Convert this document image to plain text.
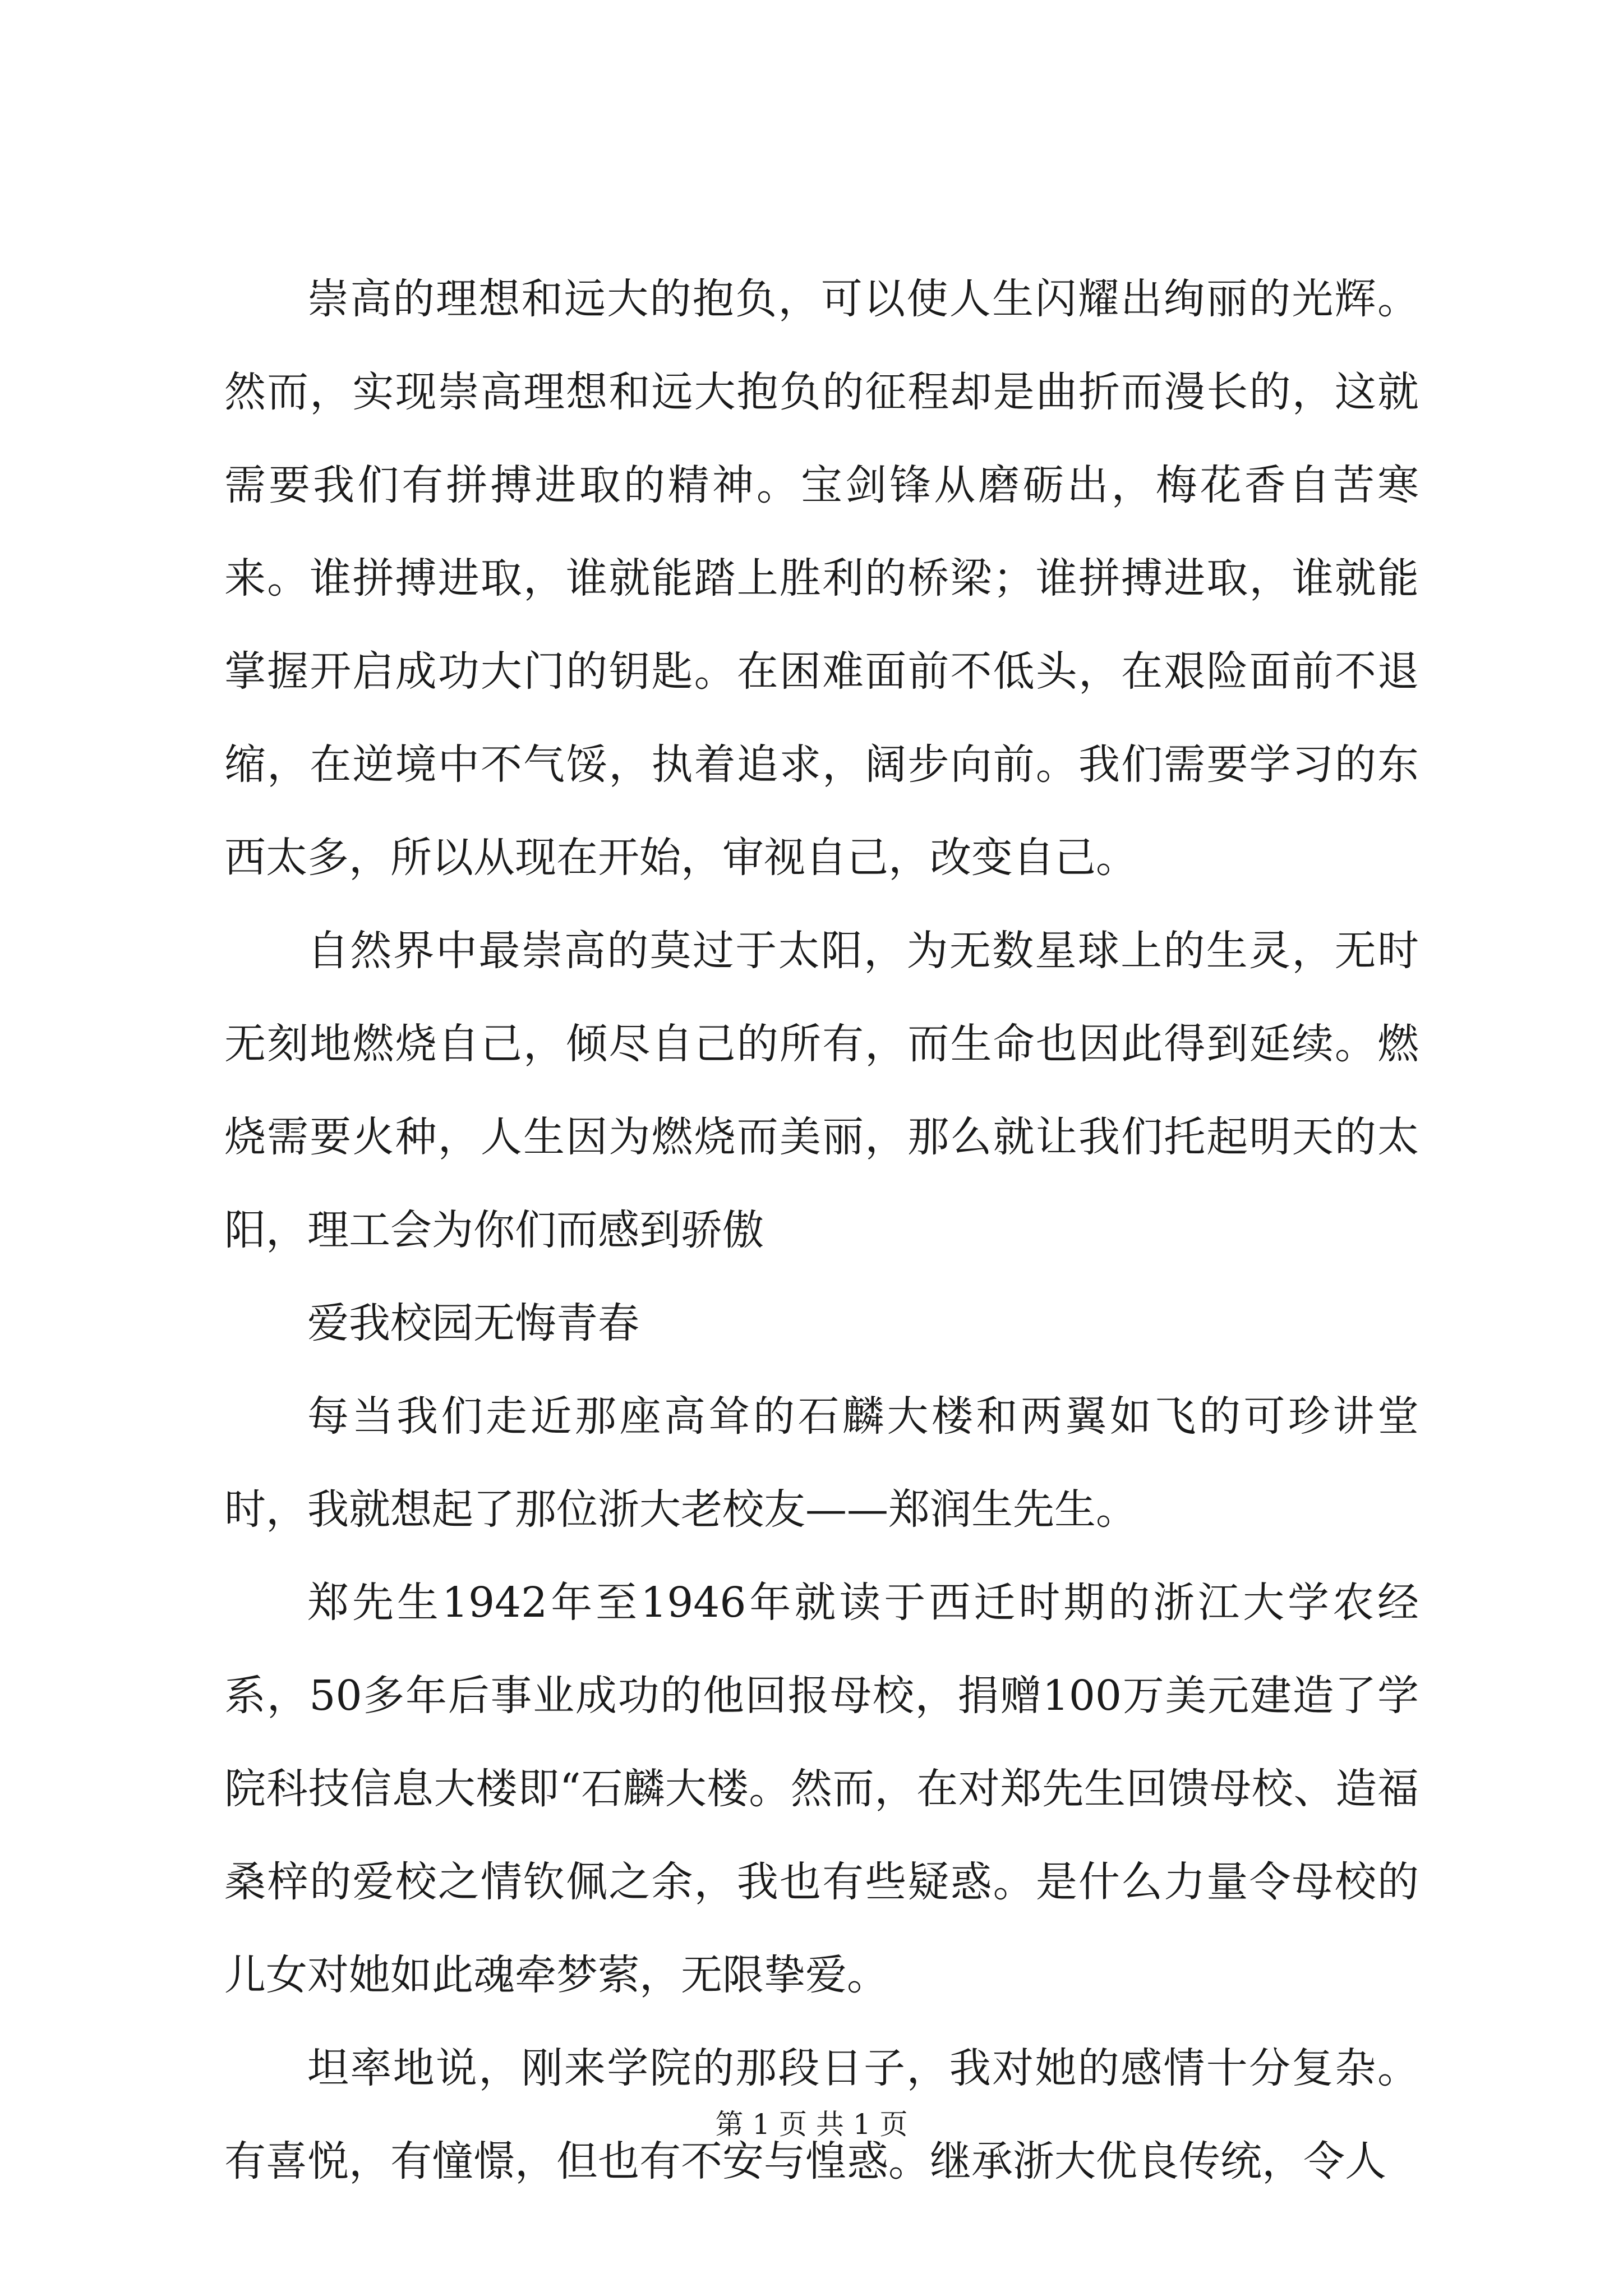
崇高的理想和远大的抱负，可以使人生闪耀出绚丽的光辉。然而，实现崇高理想和远大抱负的征程却是曲折而漫长的，这就需要我们有拼搏进取的精神。宝剑锋从磨砺出，梅花香自苦寒来。谁拼搏进取，谁就能踏上胜利的桥梁；谁拼搏进取，谁就能掌握开启成功大门的钥匙。在困难面前不低头，在艰险面前不退缩，在逆境中不气馁，执着追求，阔步向前。我们需要学习的东西太多，所以从现在开始，审视自己，改变自己。

自然界中最崇高的莫过于太阳，为无数星球上的生灵，无时无刻地燃烧自己，倾尽自己的所有，而生命也因此得到延续。燃烧需要火种，人生因为燃烧而美丽，那么就让我们托起明天的太阳，理工会为你们而感到骄傲

爱我校园无悔青春

每当我们走近那座高耸的石麟大楼和两翼如飞的可珍讲堂时，我就想起了那位浙大老校友——郑润生先生。

郑先生1942年至1946年就读于西迁时期的浙江大学农经系，50多年后事业成功的他回报母校，捐赠100万美元建造了学院科技信息大楼即“石麟大楼。然而，在对郑先生回馈母校、造福桑梓的爱校之情钦佩之余，我也有些疑惑。是什么力量令母校的儿女对她如此魂牵梦萦，无限挚爱。

坦率地说，刚来学院的那段日子，我对她的感情十分复杂。有喜悦，有憧憬，但也有不安与惶惑。继承浙大优良传统，令人

第 1 页 共 1 页
